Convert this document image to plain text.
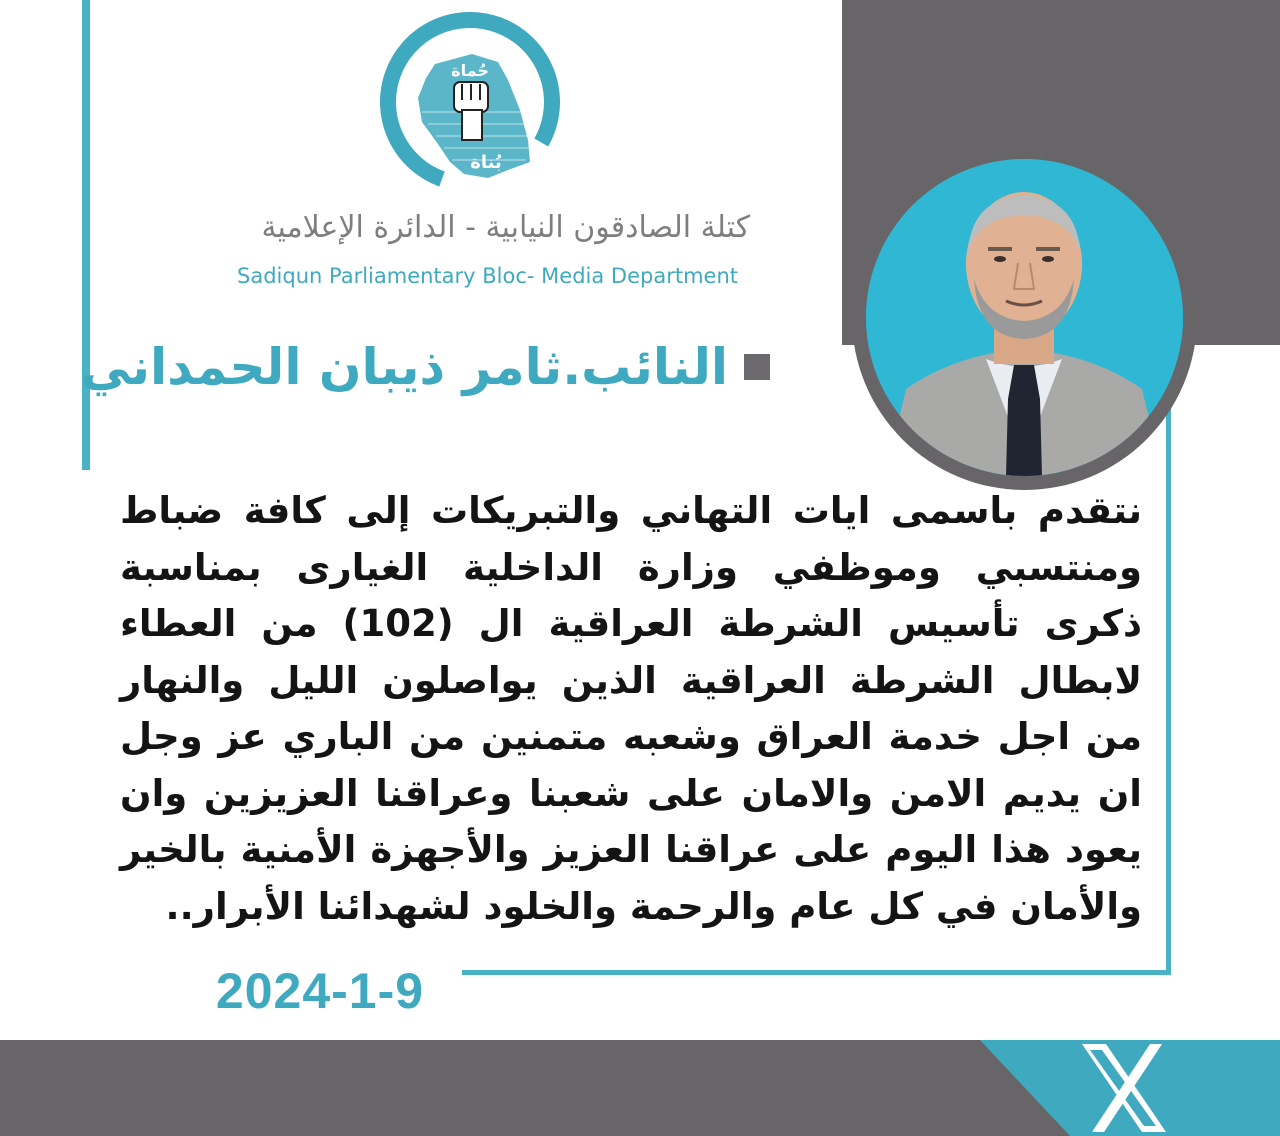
حركة الصادقون
حُماة
بُناة
كتلة الصادقون النيابية - الدائرة الإعلامية
Sadiqun Parliamentary Bloc- Media Department
النائب.ثامر ذيبان الحمداني
نتقدم باسمى ايات التهاني والتبريكات إلى كافة ضباط ومنتسبي وموظفي وزارة الداخلية الغيارى بمناسبة ذكرى تأسيس الشرطة العراقية ال (102) من العطاء لابطال الشرطة العراقية الذين يواصلون الليل والنهار من اجل خدمة العراق وشعبه متمنين من الباري عز وجل ان يديم الامن والامان على شعبنا وعراقنا العزيزين وان يعود هذا اليوم على عراقنا العزيز والأجهزة الأمنية بالخير والأمان في كل عام والرحمة والخلود لشهدائنا الأبرار..
2024-1-9
